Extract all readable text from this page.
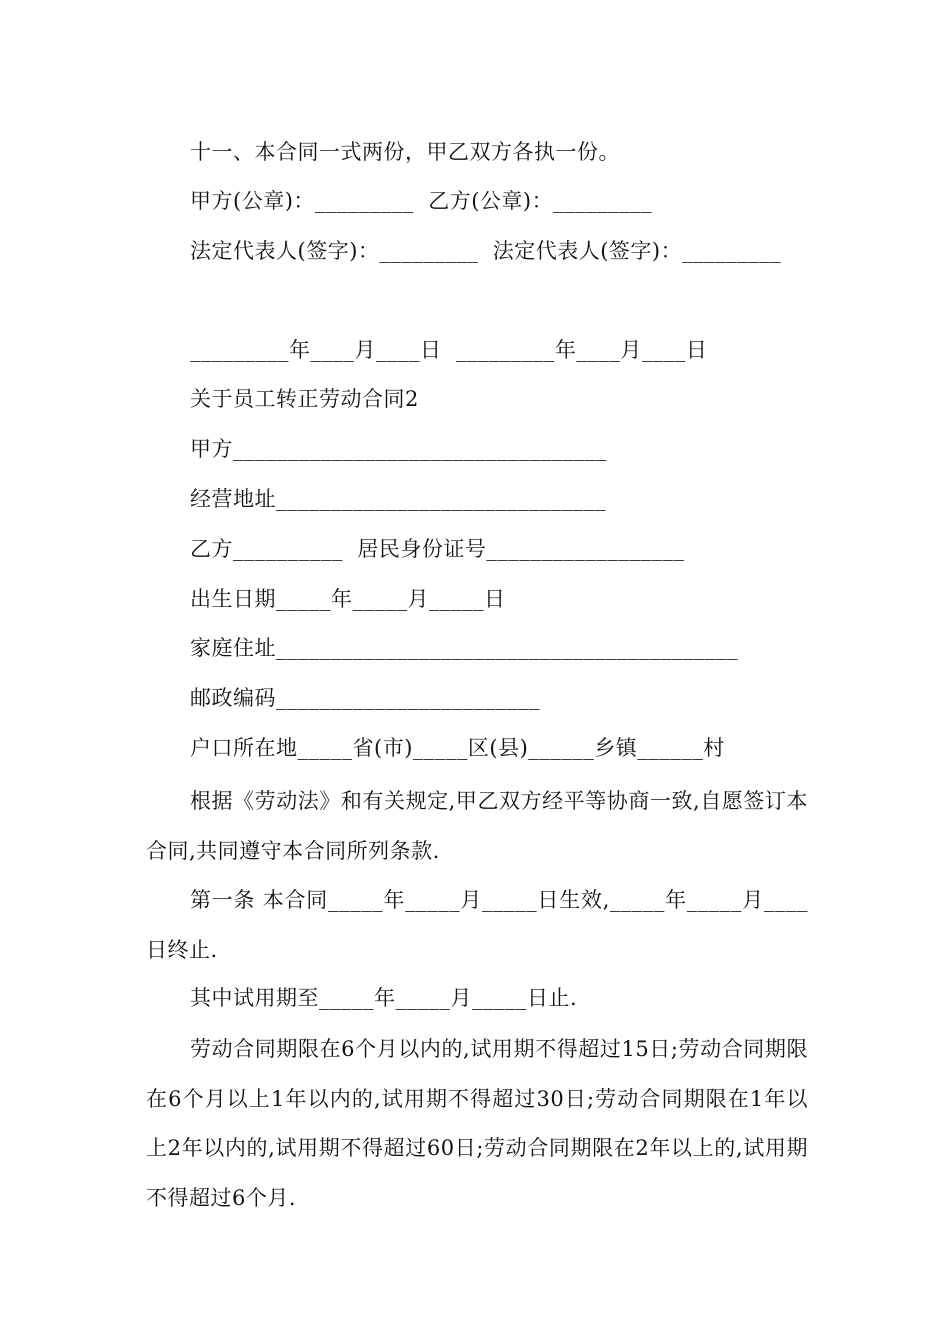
十一、本合同一式两份，甲乙双方各执一份。
甲方(公章)：_________  乙方(公章)：_________
法定代表人(签字)：_________  法定代表人(签字)：_________
_________年____月____日  _________年____月____日
关于员工转正劳动合同2
甲方__________________________________
经营地址______________________________
乙方__________  居民身份证号__________________
出生日期_____年_____月_____日
家庭住址__________________________________________
邮政编码________________________
户口所在地_____省(市)_____区(县)______乡镇______村
根据《劳动法》和有关规定,甲乙双方经平等协商一致,自愿签订本合同,共同遵守本合同所列条款.
第一条 本合同_____年_____月_____日生效,_____年_____月____日终止.
其中试用期至_____年_____月_____日止.
劳动合同期限在6个月以内的,试用期不得超过15日;劳动合同期限在6个月以上1年以内的,试用期不得超过30日;劳动合同期限在1年以上2年以内的,试用期不得超过60日;劳动合同期限在2年以上的,试用期不得超过6个月.
